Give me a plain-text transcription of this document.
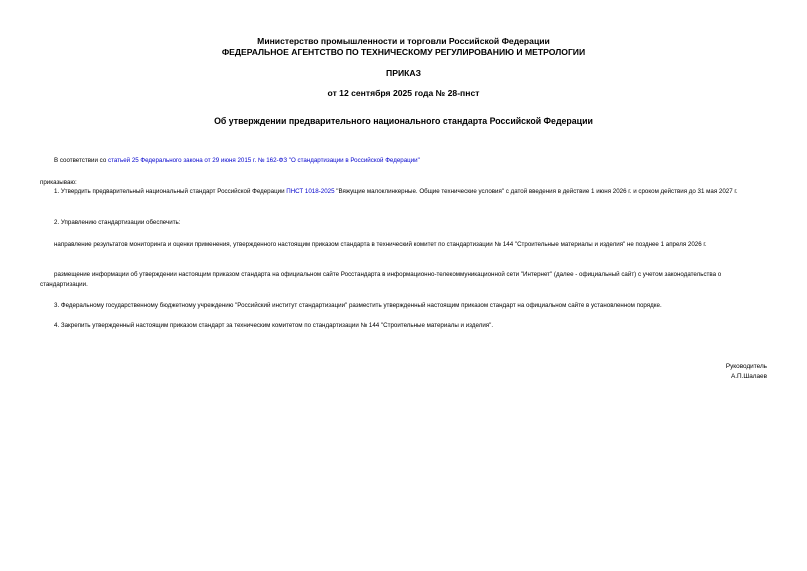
Министерство промышленности и торговли Российской Федерации
ФЕДЕРАЛЬНОЕ АГЕНТСТВО ПО ТЕХНИЧЕСКОМУ РЕГУЛИРОВАНИЮ И МЕТРОЛОГИИ
ПРИКАЗ
от 12 сентября 2025 года № 28-пнст
Об утверждении предварительного национального стандарта Российской Федерации
В соответствии со статьей 25 Федерального закона от 29 июня 2015 г. № 162-ФЗ "О стандартизации в Российской Федерации"
приказываю:
1. Утвердить предварительный национальный стандарт Российской Федерации ПНСТ 1018-2025 "Вяжущие малоклинкерные. Общие технические условия" с датой введения в действие 1 июня 2026 г. и сроком действия до 31 мая 2027 г.
2. Управлению стандартизации обеспечить:
направление результатов мониторинга и оценки применения, утвержденного настоящим приказом стандарта в технический комитет по стандартизации № 144 "Строительные материалы и изделия" не позднее 1 апреля 2026 г.
размещение информации об утверждении настоящим приказом стандарта на официальном сайте Росстандарта в информационно-телекоммуникационной сети "Интернет" (далее - официальный сайт) с учетом законодательства о стандартизации.
3. Федеральному государственному бюджетному учреждению "Российский институт стандартизации" разместить утвержденный настоящим приказом стандарт на официальном сайте в установленном порядке.
4. Закрепить утвержденный настоящим приказом стандарт за техническим комитетом по стандартизации № 144 "Строительные материалы и изделия".
Руководитель
А.П.Шалаев
